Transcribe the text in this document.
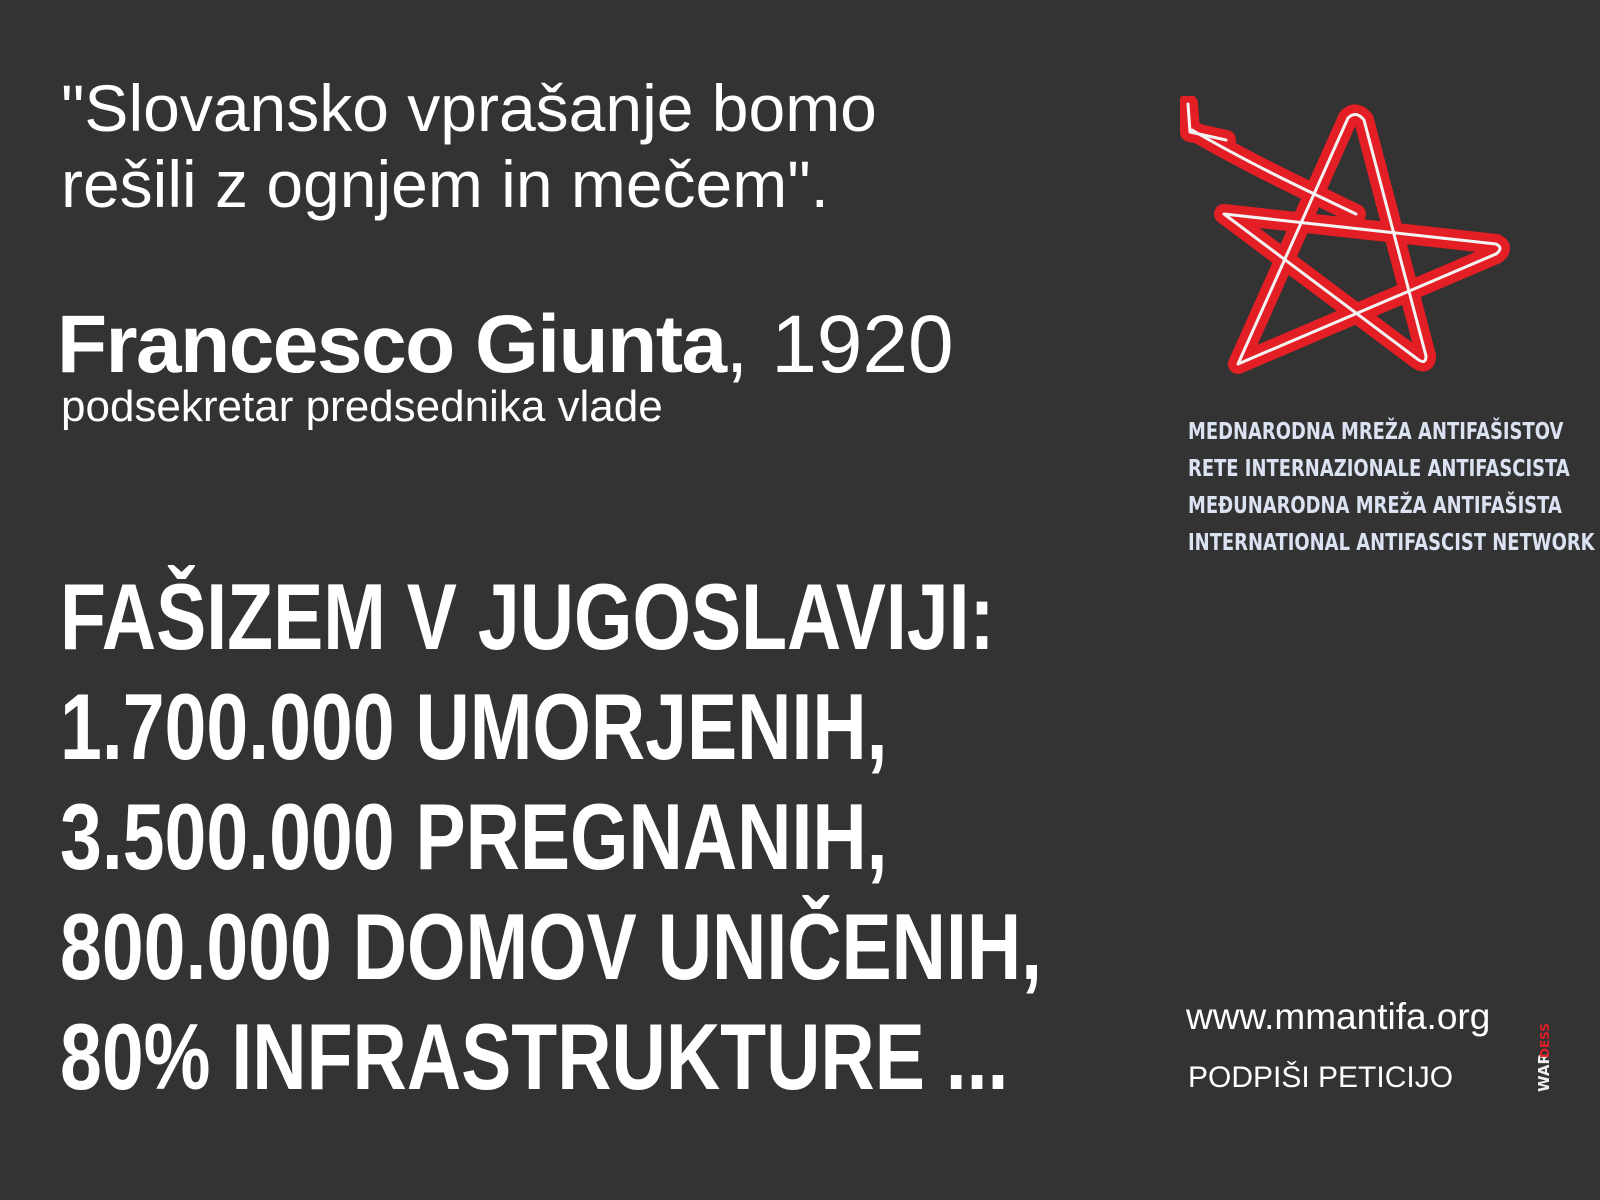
"Slovansko vprašanje bomo
rešili z ognjem in mečem".
Francesco Giunta, 1920
podsekretar predsednika vlade
FAŠIZEM V JUGOSLAVIJI:
1.700.000 UMORJENIH,
3.500.000 PREGNANIH,
800.000 DOMOV UNIČENIH,
80% INFRASTRUKTURE ...
MEDNARODNA MREŽA ANTIFAŠISTOV
RETE INTERNAZIONALE ANTIFASCISTA
MEĐUNARODNA MREŽA ANTIFAŠISTA
INTERNATIONAL ANTIFASCIST NETWORK
www.mmantifa.org
PODPIŠI PETICIJO	WAR
DESS
